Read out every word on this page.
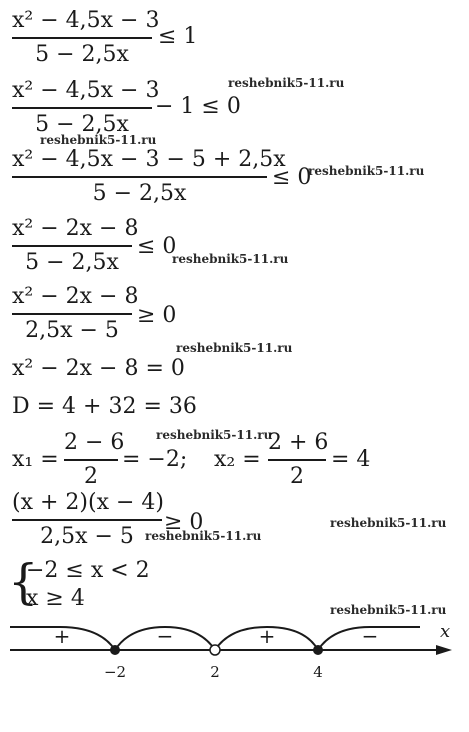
x² − 4,5x − 3
5 − 2,5x
≤ 1
x² − 4,5x − 3
5 − 2,5x
− 1 ≤ 0
reshebnik5-11.ru
reshebnik5-11.ru
x² − 4,5x − 3 − 5 + 2,5x
5 − 2,5x
≤ 0
reshebnik5-11.ru
x² − 2x − 8
5 − 2,5x
≤ 0
reshebnik5-11.ru
x² − 2x − 8
2,5x − 5
≥ 0
reshebnik5-11.ru
x² − 2x − 8 = 0
D = 4 + 32 = 36
reshebnik5-11.ru
x₁ =
2 − 6
2
= −2; x₂ =
2 + 6
2
= 4
(x + 2)(x − 4)
2,5x − 5
≥ 0
reshebnik5-11.ru
reshebnik5-11.ru
{
−2 ≤ x < 2
x ≥ 4	reshebnik5-11.ru
+	−	+	−	x
−2	2	4
